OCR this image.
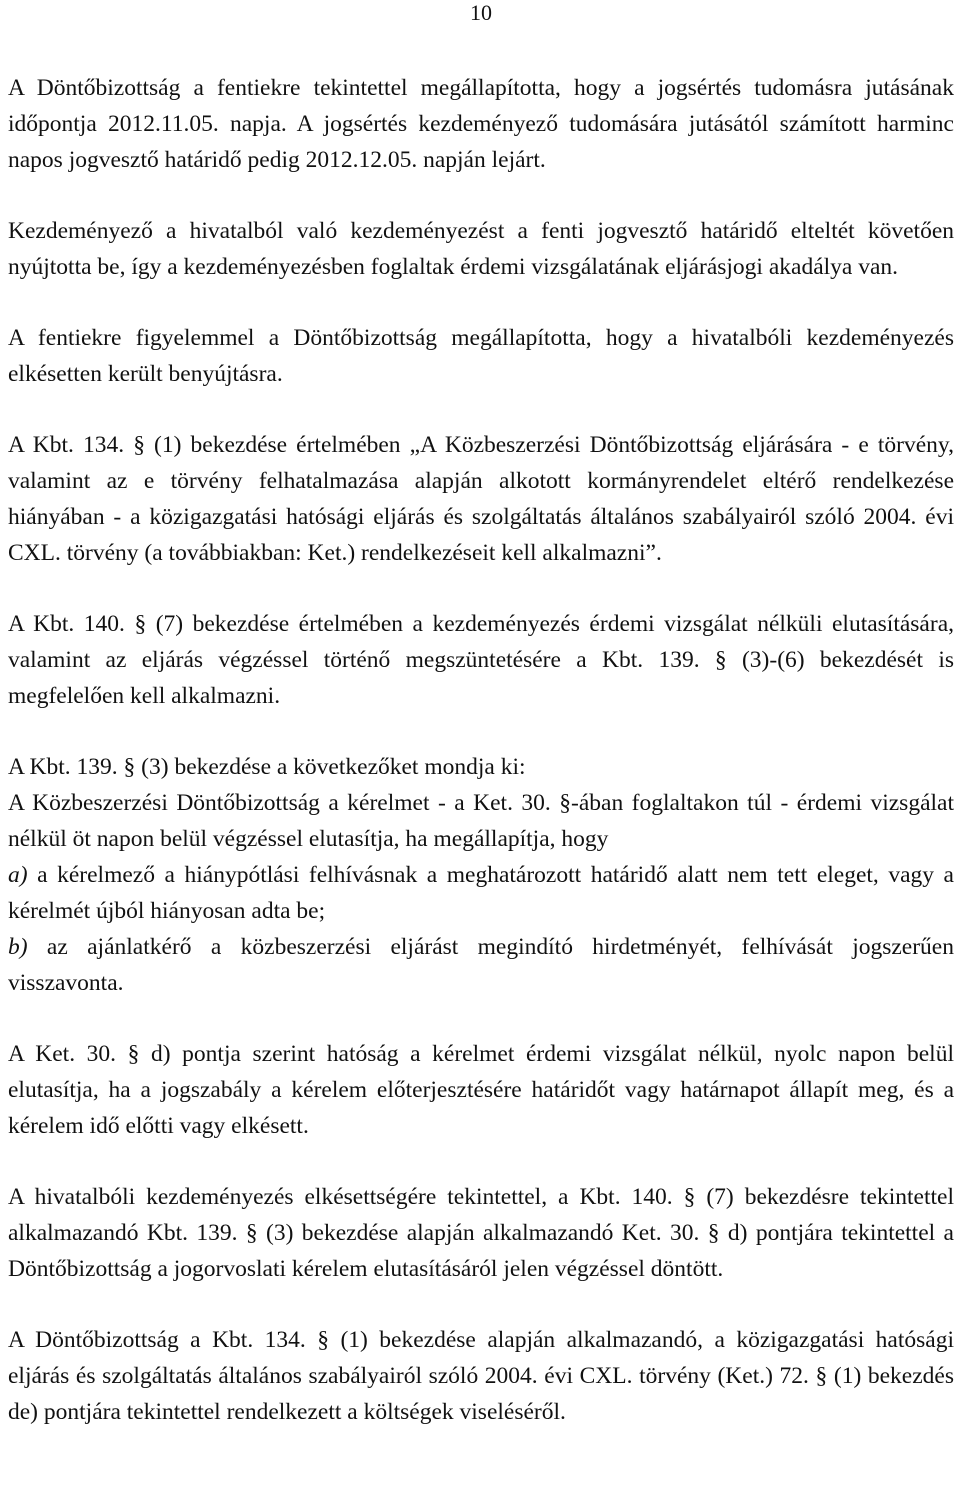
10

A Döntőbizottság a fentiekre tekintettel megállapította, hogy a jogsértés tudomásra jutásának időpontja 2012.11.05. napja. A jogsértés kezdeményező tudomására jutásától számított harminc napos jogvesztő határidő pedig 2012.12.05. napján lejárt.

Kezdeményező a hivatalból való kezdeményezést a fenti jogvesztő határidő elteltét követően nyújtotta be, így a kezdeményezésben foglaltak érdemi vizsgálatának eljárásjogi akadálya van.

A fentiekre figyelemmel a Döntőbizottság megállapította, hogy a hivatalbóli kezdeményezés elkésetten került benyújtásra.

A Kbt. 134. § (1) bekezdése értelmében „A Közbeszerzési Döntőbizottság eljárására - e törvény, valamint az e törvény felhatalmazása alapján alkotott kormányrendelet eltérő rendelkezése hiányában - a közigazgatási hatósági eljárás és szolgáltatás általános szabályairól szóló 2004. évi CXL. törvény (a továbbiakban: Ket.) rendelkezéseit kell alkalmazni”.

A Kbt. 140. § (7) bekezdése értelmében a kezdeményezés érdemi vizsgálat nélküli elutasítására, valamint az eljárás végzéssel történő megszüntetésére a Kbt. 139. § (3)-(6) bekezdését is megfelelően kell alkalmazni.

A Kbt. 139. § (3) bekezdése a következőket mondja ki:
A Közbeszerzési Döntőbizottság a kérelmet - a Ket. 30. §-ában foglaltakon túl - érdemi vizsgálat nélkül öt napon belül végzéssel elutasítja, ha megállapítja, hogy
a) a kérelmező a hiánypótlási felhívásnak a meghatározott határidő alatt nem tett eleget, vagy a kérelmét újból hiányosan adta be;
b) az ajánlatkérő a közbeszerzési eljárást megindító hirdetményét, felhívását jogszerűen visszavonta.

A Ket. 30. § d) pontja szerint hatóság a kérelmet érdemi vizsgálat nélkül, nyolc napon belül elutasítja, ha a jogszabály a kérelem előterjesztésére határidőt vagy határnapot állapít meg, és a kérelem idő előtti vagy elkésett.

A hivatalbóli kezdeményezés elkésettségére tekintettel, a Kbt. 140. § (7) bekezdésre tekintettel alkalmazandó Kbt. 139. § (3) bekezdése alapján alkalmazandó Ket. 30. § d) pontjára tekintettel a Döntőbizottság a jogorvoslati kérelem elutasításáról jelen végzéssel döntött.

A Döntőbizottság a Kbt. 134. § (1) bekezdése alapján alkalmazandó, a közigazgatási hatósági eljárás és szolgáltatás általános szabályairól szóló 2004. évi CXL. törvény (Ket.) 72. § (1) bekezdés de) pontjára tekintettel rendelkezett a költségek viseléséről.
